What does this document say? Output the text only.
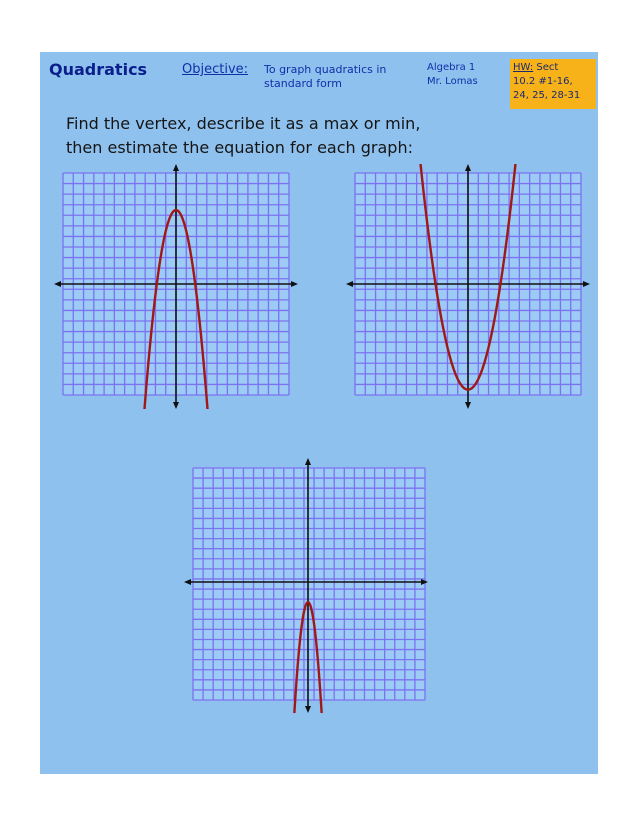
Quadratics	Objective: To graph quadratics in
standard form
Algebra 1
Mr. Lomas
HW: Sect
10.2 #1-16,
24, 25, 28-31
Find the vertex, describe it as a max or min,
then estimate the equation for each graph:
